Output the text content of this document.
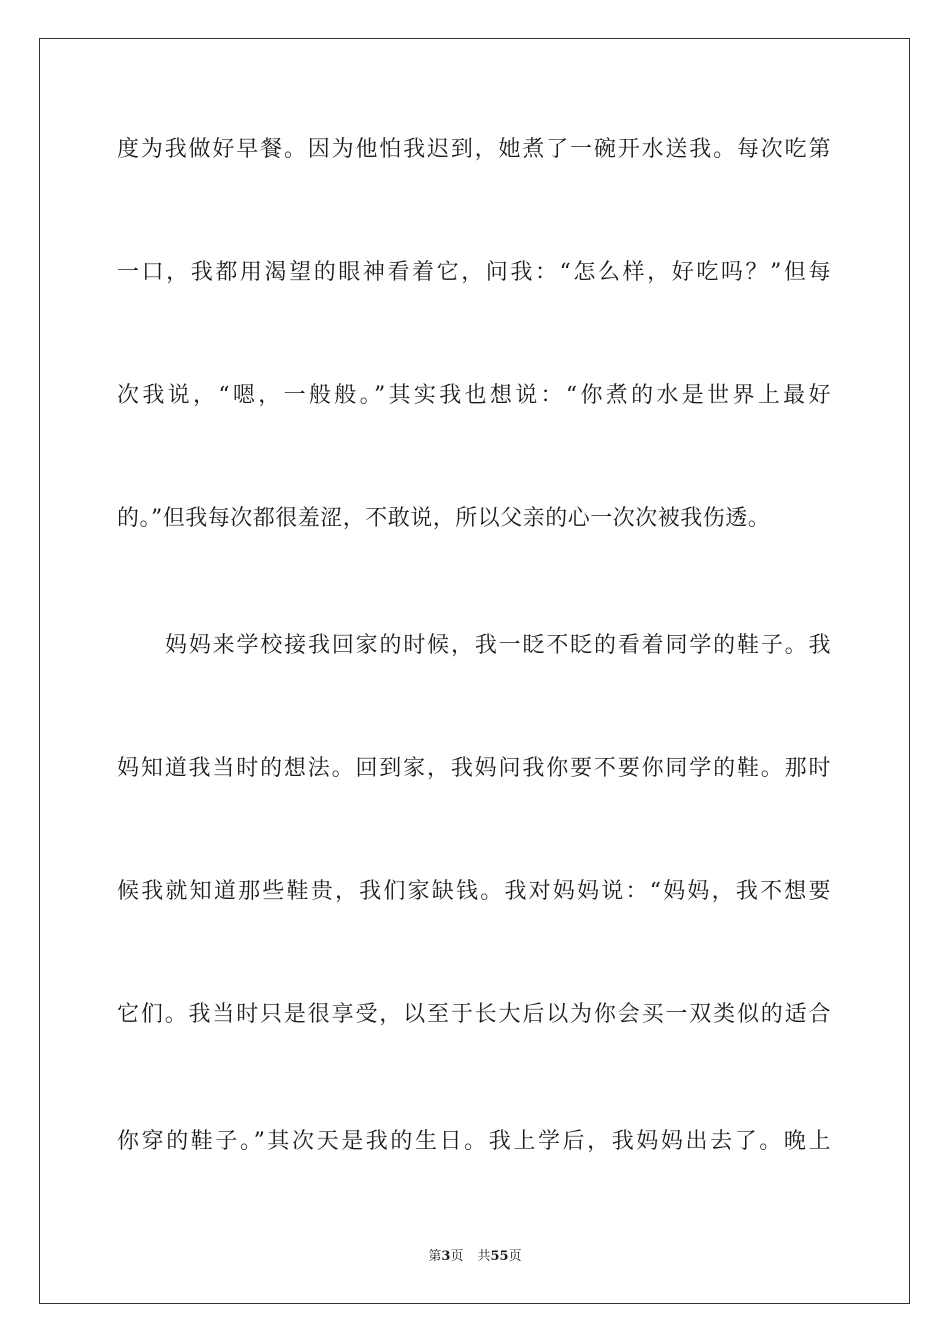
度为我做好早餐。因为他怕我迟到，她煮了一碗开水送我。每次吃第
一口，我都用渴望的眼神看着它，问我：“怎么样，好吃吗？”但每
次我说，“嗯，一般般。”其实我也想说：“你煮的水是世界上最好
的。”但我每次都很羞涩，不敢说，所以父亲的心一次次被我伤透。
妈妈来学校接我回家的时候，我一眨不眨的看着同学的鞋子。我
妈知道我当时的想法。回到家，我妈问我你要不要你同学的鞋。那时
候我就知道那些鞋贵，我们家缺钱。我对妈妈说：“妈妈，我不想要
它们。我当时只是很享受，以至于长大后以为你会买一双类似的适合
你穿的鞋子。”其次天是我的生日。我上学后，我妈妈出去了。晚上
第3页 共55页
